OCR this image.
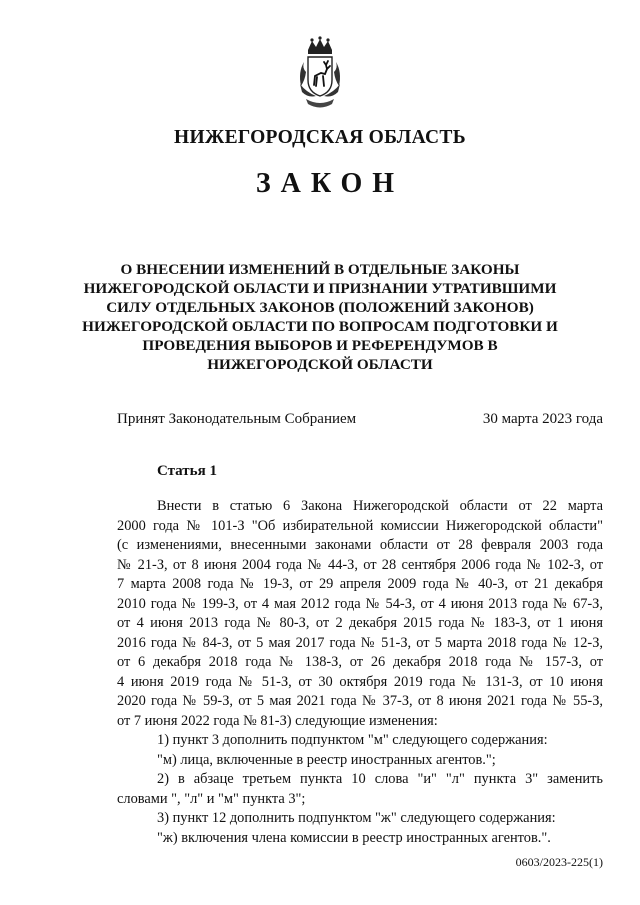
НИЖЕГОРОДСКАЯ ОБЛАСТЬ
ЗАКОН
О ВНЕСЕНИИ ИЗМЕНЕНИЙ В ОТДЕЛЬНЫЕ ЗАКОНЫ
НИЖЕГОРОДСКОЙ ОБЛАСТИ И ПРИЗНАНИИ УТРАТИВШИМИ
СИЛУ ОТДЕЛЬНЫХ ЗАКОНОВ (ПОЛОЖЕНИЙ ЗАКОНОВ)
НИЖЕГОРОДСКОЙ ОБЛАСТИ ПО ВОПРОСАМ ПОДГОТОВКИ И
ПРОВЕДЕНИЯ ВЫБОРОВ И РЕФЕРЕНДУМОВ В
НИЖЕГОРОДСКОЙ ОБЛАСТИ
Принят Законодательным Собранием	30 марта 2023 года
Статья 1
Внести в статью 6 Закона Нижегородской области от 22 марта
2000 года № 101-З "Об избирательной комиссии Нижегородской области"
(с изменениями, внесенными законами области от 28 февраля 2003 года
№ 21-З, от 8 июня 2004 года № 44-З, от 28 сентября 2006 года № 102-З, от
7 марта 2008 года № 19-З, от 29 апреля 2009 года № 40-З, от 21 декабря
2010 года № 199-З, от 4 мая 2012 года № 54-З, от 4 июня 2013 года № 67-З,
от 4 июня 2013 года № 80-З, от 2 декабря 2015 года № 183-З, от 1 июня
2016 года № 84-З, от 5 мая 2017 года № 51-З, от 5 марта 2018 года № 12-З,
от 6 декабря 2018 года № 138-З, от 26 декабря 2018 года № 157-З, от
4 июня 2019 года № 51-З, от 30 октября 2019 года № 131-З, от 10 июня
2020 года № 59-З, от 5 мая 2021 года № 37-З, от 8 июня 2021 года № 55-З,
от 7 июня 2022 года № 81-З) следующие изменения:
1) пункт 3 дополнить подпунктом "м" следующего содержания:
"м) лица, включенные в реестр иностранных агентов.";
2) в абзаце третьем пункта 10 слова "и" "л" пункта 3" заменить
словами ", "л" и "м" пункта 3";
3) пункт 12 дополнить подпунктом "ж" следующего содержания:
"ж) включения члена комиссии в реестр иностранных агентов.".
0603/2023-225(1)
